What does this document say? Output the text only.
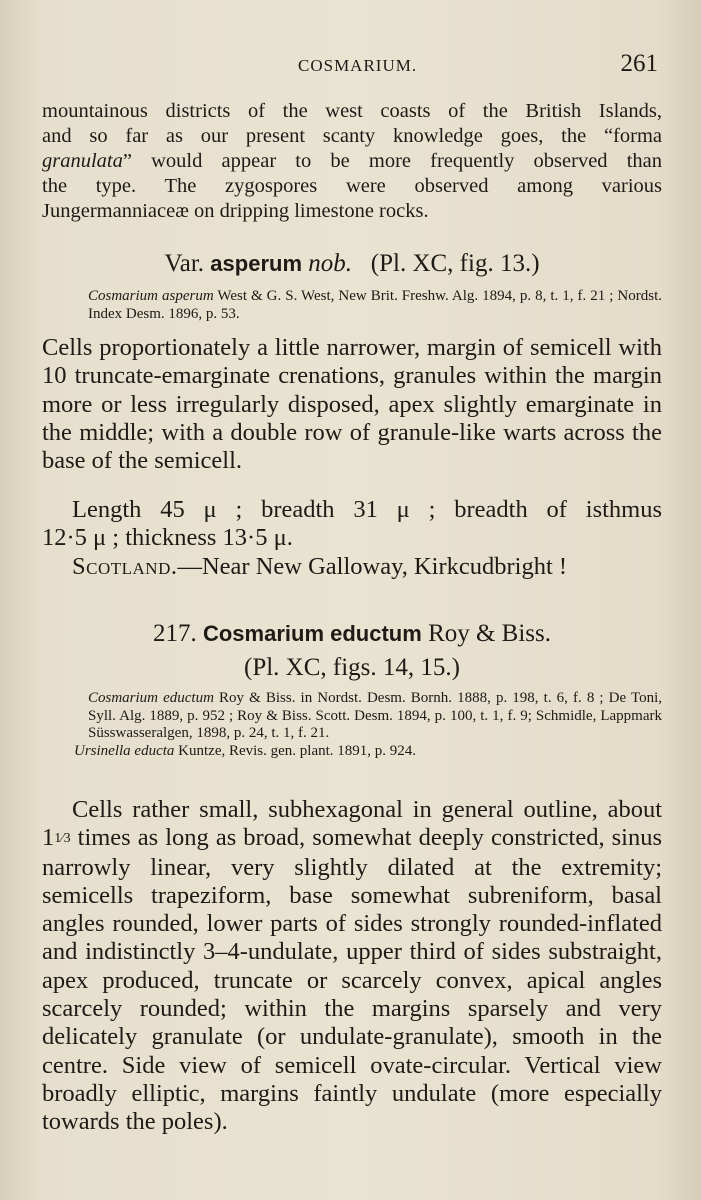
COSMARIUM.	261

mountainous districts of the west coasts of the British Islands,

and so far as our present scanty knowledge goes, the “forma

granulata” would appear to be more frequently observed than

the type. The zygospores were observed among various

Jungermanniaceæ on dripping limestone rocks.

Var. asperum nob. (Pl. XC, fig. 13.)

Cosmarium asperum West & G. S. West, New Brit. Freshw. Alg. 1894, p. 8, t. 1, f. 21 ; Nordst. Index Desm. 1896, p. 53.

Cells proportionately a little narrower, margin of semicell with 10 truncate-emarginate crenations, granules within the margin more or less irregularly disposed, apex slightly emarginate in the middle; with a double row of granule-like warts across the base of the semicell.

Length 45 μ ; breadth 31 μ ; breadth of isthmus

12·5 μ ; thickness 13·5 μ.

Scotland.—Near New Galloway, Kirkcudbright !

217. Cosmarium eductum Roy & Biss.

(Pl. XC, figs. 14, 15.)

Cosmarium eductum Roy & Biss. in Nordst. Desm. Bornh. 1888, p. 198, t. 6, f. 8 ; De Toni, Syll. Alg. 1889, p. 952 ; Roy & Biss. Scott. Desm. 1894, p. 100, t. 1, f. 9; Schmidle, Lappmark Süsswasseralgen, 1898, p. 24, t. 1, f. 21.

Ursinella educta Kuntze, Revis. gen. plant. 1891, p. 924.

Cells rather small, subhexagonal in general outline, about 11⁄3 times as long as broad, somewhat deeply constricted, sinus narrowly linear, very slightly dilated at the extremity; semicells trapeziform, base somewhat subreniform, basal angles rounded, lower parts of sides strongly rounded-inflated and indistinctly 3–4-undulate, upper third of sides substraight, apex produced, truncate or scarcely convex, apical angles scarcely rounded; within the margins sparsely and very delicately granulate (or undulate-granulate), smooth in the centre. Side view of semicell ovate-circular. Vertical view broadly elliptic, margins faintly undulate (more especially towards the poles).
